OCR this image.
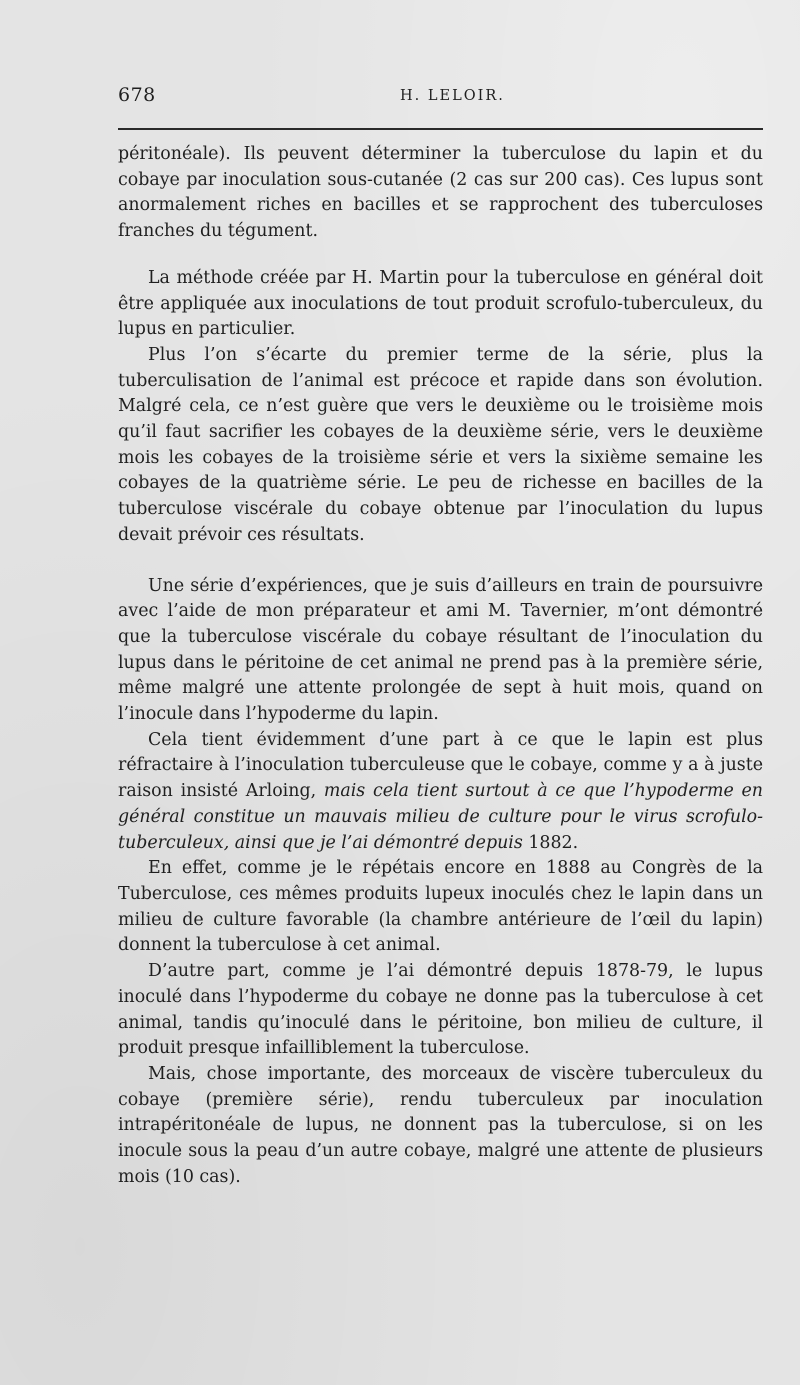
678	H. LELOIR.

péritonéale). Ils peuvent déterminer la tuberculose du lapin et du cobaye par inoculation sous-cutanée (2 cas sur 200 cas). Ces lupus sont anormalement riches en bacilles et se rapprochent des tuberculoses franches du tégument.

La méthode créée par H. Martin pour la tuberculose en général doit être appliquée aux inoculations de tout produit scrofulo-tuberculeux, du lupus en particulier.

Plus l’on s’écarte du premier terme de la série, plus la tuberculisation de l’animal est précoce et rapide dans son évolution. Malgré cela, ce n’est guère que vers le deuxième ou le troisième mois qu’il faut sacrifier les cobayes de la deuxième série, vers le deuxième mois les cobayes de la troisième série et vers la sixième semaine les cobayes de la quatrième série. Le peu de richesse en bacilles de la tuberculose viscérale du cobaye obtenue par l’inoculation du lupus devait prévoir ces résultats.

Une série d’expériences, que je suis d’ailleurs en train de poursuivre avec l’aide de mon préparateur et ami M. Tavernier, m’ont démontré que la tuberculose viscérale du cobaye résultant de l’inoculation du lupus dans le péritoine de cet animal ne prend pas à la première série, même malgré une attente prolongée de sept à huit mois, quand on l’inocule dans l’hypoderme du lapin.

Cela tient évidemment d’une part à ce que le lapin est plus réfractaire à l’inoculation tuberculeuse que le cobaye, comme y a à juste raison insisté Arloing, mais cela tient surtout à ce que l’hypoderme en général constitue un mauvais milieu de culture pour le virus scrofulo-tuberculeux, ainsi que je l’ai démontré depuis 1882.

En effet, comme je le répétais encore en 1888 au Congrès de la Tuberculose, ces mêmes produits lupeux inoculés chez le lapin dans un milieu de culture favorable (la chambre antérieure de l’œil du lapin) donnent la tuberculose à cet animal.

D’autre part, comme je l’ai démontré depuis 1878-79, le lupus inoculé dans l’hypoderme du cobaye ne donne pas la tuberculose à cet animal, tandis qu’inoculé dans le péritoine, bon milieu de culture, il produit presque infailliblement la tuberculose.

Mais, chose importante, des morceaux de viscère tuberculeux du cobaye (première série), rendu tuberculeux par inoculation intrapéritonéale de lupus, ne donnent pas la tuberculose, si on les inocule sous la peau d’un autre cobaye, malgré une attente de plusieurs mois (10 cas).
